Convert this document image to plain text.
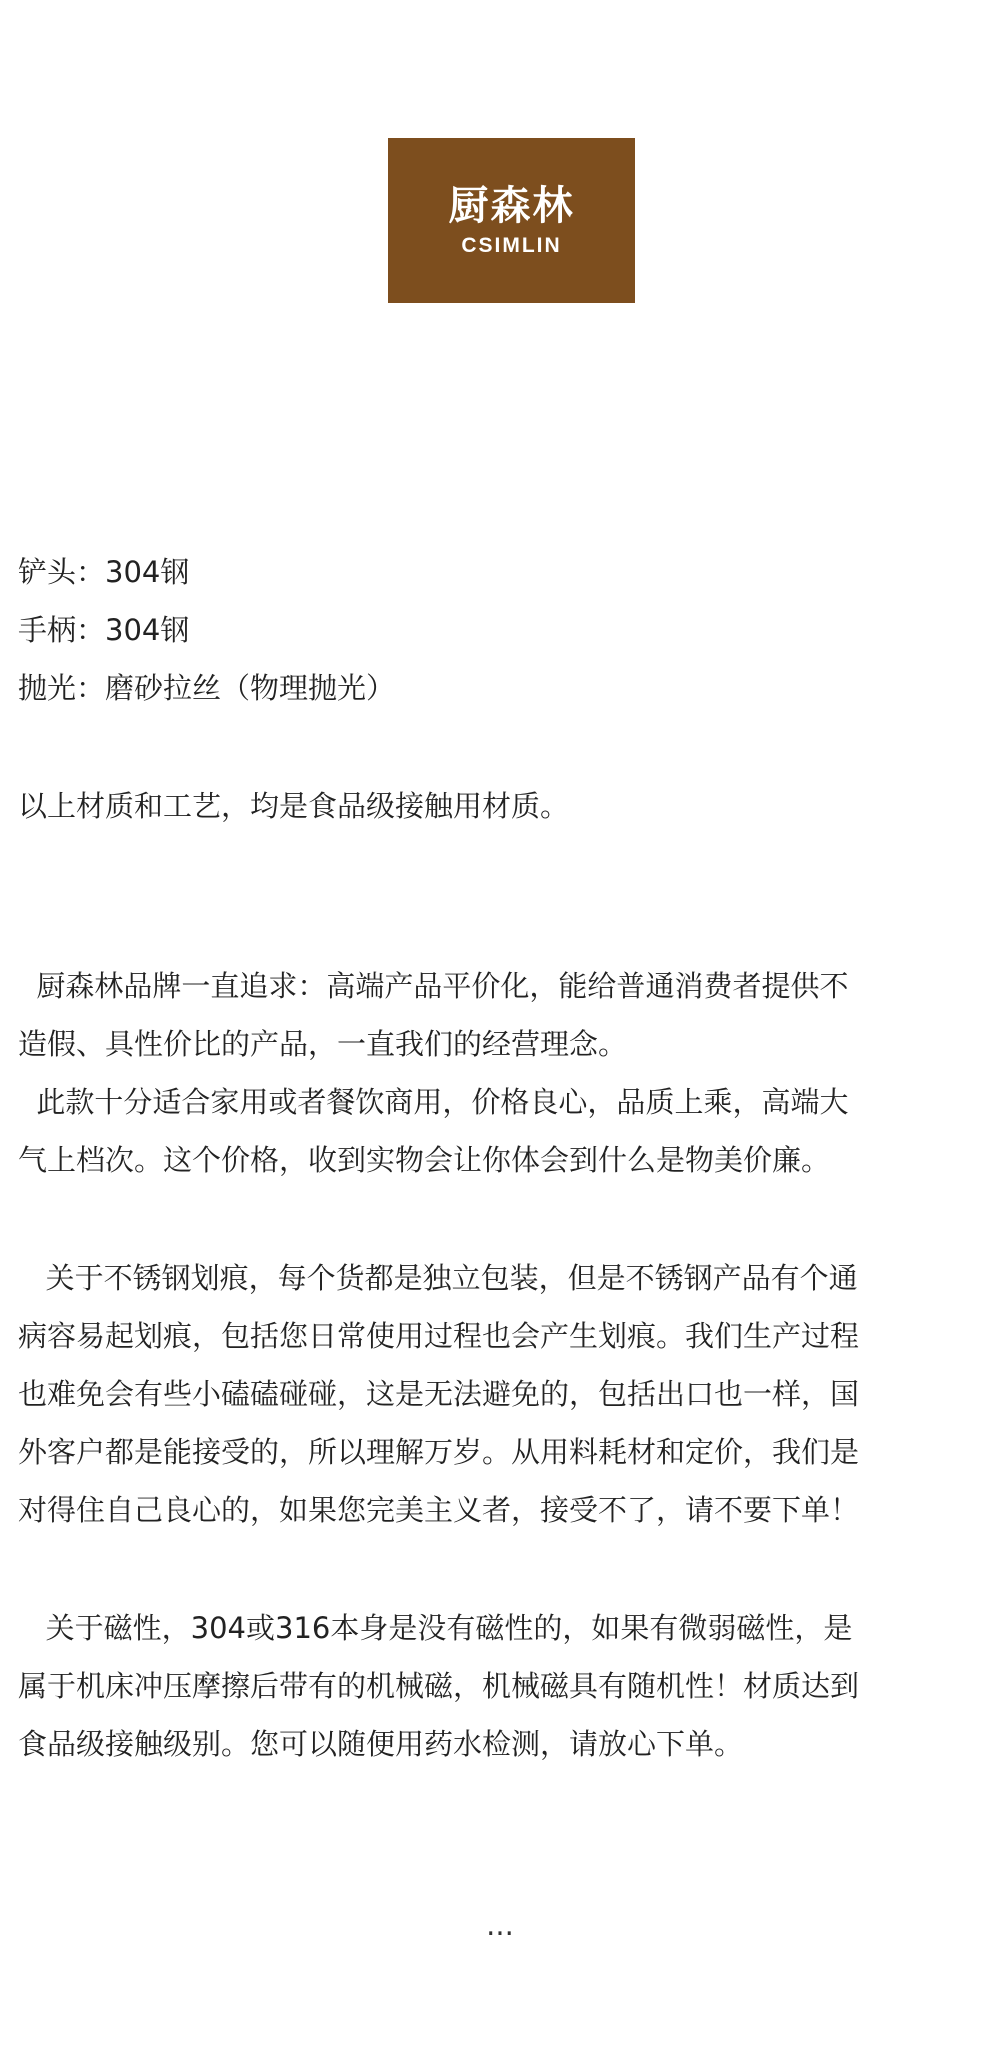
厨森林
CSIMLIN
铲头：304钢
手柄：304钢
抛光：磨砂拉丝（物理抛光）
以上材质和工艺，均是食品级接触用材质。
厨森林品牌一直追求：高端产品平价化，能给普通消费者提供不
造假、具性价比的产品，一直我们的经营理念。
此款十分适合家用或者餐饮商用，价格良心，品质上乘，高端大
气上档次。这个价格，收到实物会让你体会到什么是物美价廉。
关于不锈钢划痕，每个货都是独立包装，但是不锈钢产品有个通
病容易起划痕，包括您日常使用过程也会产生划痕。我们生产过程
也难免会有些小磕磕碰碰，这是无法避免的，包括出口也一样，国
外客户都是能接受的，所以理解万岁。从用料耗材和定价，我们是
对得住自己良心的，如果您完美主义者，接受不了，请不要下单！
关于磁性，304或316本身是没有磁性的，如果有微弱磁性，是
属于机床冲压摩擦后带有的机械磁，机械磁具有随机性！材质达到
食品级接触级别。您可以随便用药水检测，请放心下单。
...
